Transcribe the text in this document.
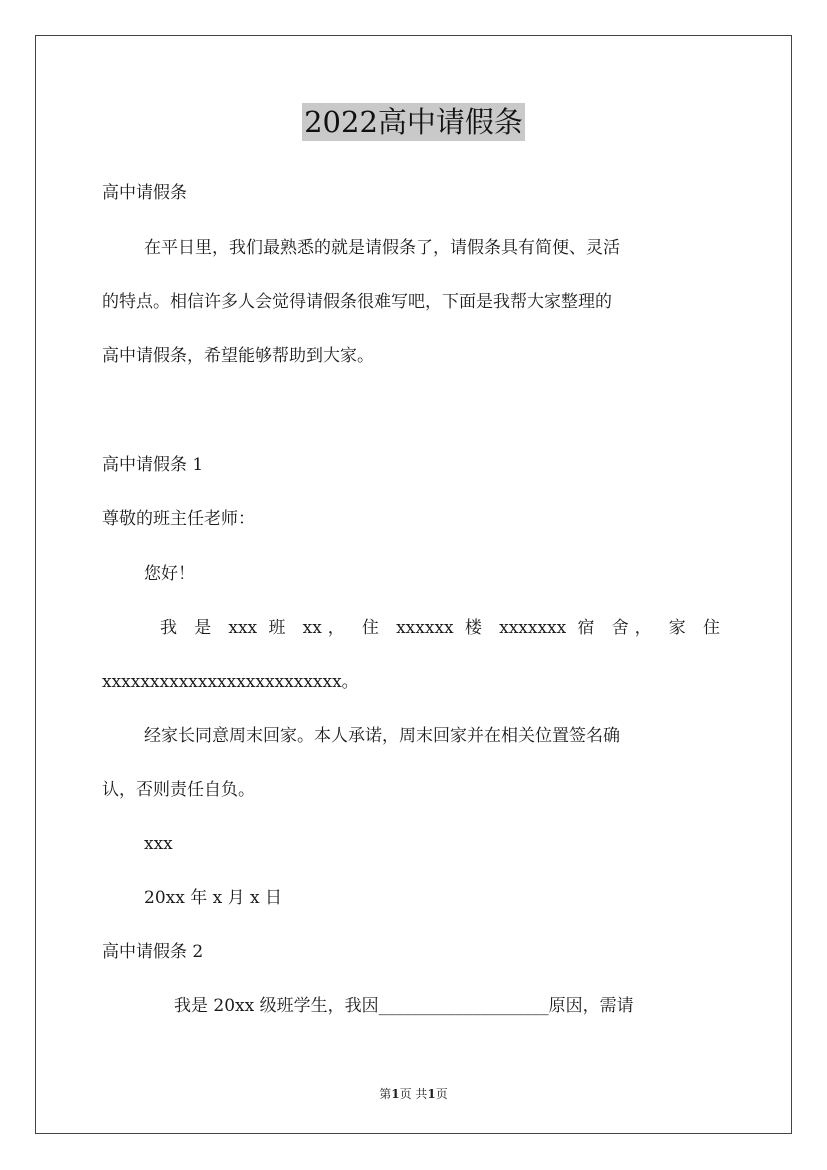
2022高中请假条

高中请假条

在平日里，我们最熟悉的就是请假条了，请假条具有简便、灵活

的特点。相信许多人会觉得请假条很难写吧，下面是我帮大家整理的

高中请假条，希望能够帮助到大家。

高中请假条 1

尊敬的班主任老师：

您好！

我 是 xxx 班 xx， 住 xxxxxx 楼 xxxxxxx 宿 舍， 家 住

xxxxxxxxxxxxxxxxxxxxxxxxx。

经家长同意周末回家。本人承诺，周末回家并在相关位置签名确

认，否则责任自负。

xxx

20xx 年 x 月 x 日

高中请假条 2

我是 20xx 级班学生，我因____________________原因，需请

第1页 共1页
